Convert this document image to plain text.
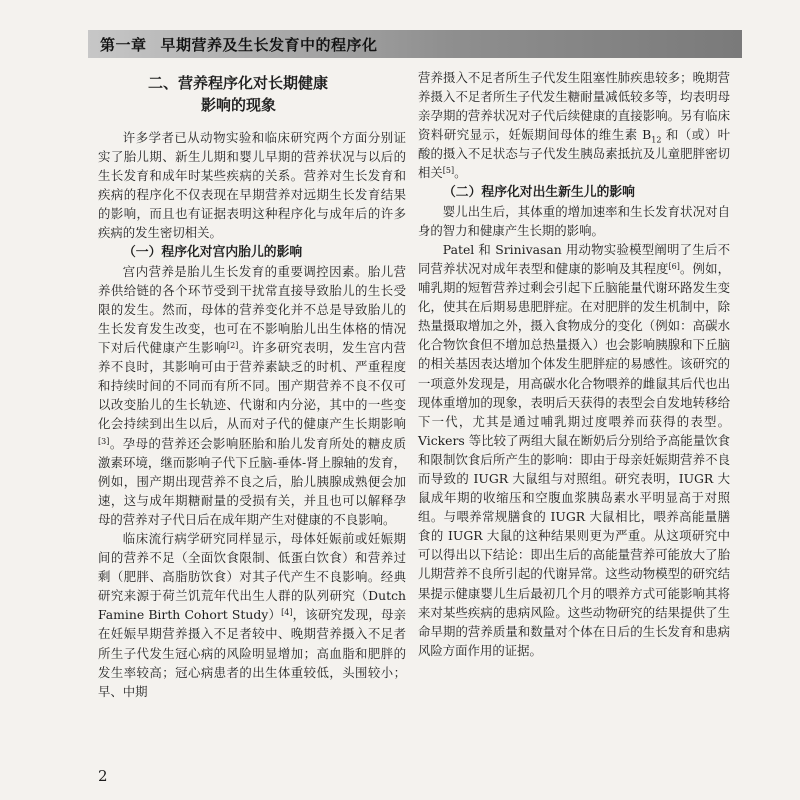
第一章 早期营养及生长发育中的程序化
二、营养程序化对长期健康
影响的现象

许多学者已从动物实验和临床研究两个方面分别证实了胎儿期、新生儿期和婴儿早期的营养状况与以后的生长发育和成年时某些疾病的关系。营养对生长发育和疾病的程序化不仅表现在早期营养对远期生长发育结果的影响，而且也有证据表明这种程序化与成年后的许多疾病的发生密切相关。

（一）程序化对宫内胎儿的影响

宫内营养是胎儿生长发育的重要调控因素。胎儿营养供给链的各个环节受到干扰常直接导致胎儿的生长受限的发生。然而，母体的营养变化并不总是导致胎儿的生长发育发生改变，也可在不影响胎儿出生体格的情况下对后代健康产生影响[2]。许多研究表明，发生宫内营养不良时，其影响可由于营养素缺乏的时机、严重程度和持续时间的不同而有所不同。围产期营养不良不仅可以改变胎儿的生长轨迹、代谢和内分泌，其中的一些变化会持续到出生以后，从而对子代的健康产生长期影响[3]。孕母的营养还会影响胚胎和胎儿发育所处的糖皮质激素环境，继而影响子代下丘脑-垂体-肾上腺轴的发育，例如，围产期出现营养不良之后，胎儿胰腺成熟便会加速，这与成年期糖耐量的受损有关，并且也可以解释孕母的营养对子代日后在成年期产生对健康的不良影响。

临床流行病学研究同样显示，母体妊娠前或妊娠期间的营养不足（全面饮食限制、低蛋白饮食）和营养过剩（肥胖、高脂肪饮食）对其子代产生不良影响。经典研究来源于荷兰饥荒年代出生人群的队列研究（Dutch Famine Birth Cohort Study）[4]，该研究发现，母亲在妊娠早期营养摄入不足者较中、晚期营养摄入不足者所生子代发生冠心病的风险明显增加；高血脂和肥胖的发生率较高；冠心病患者的出生体重较低，头围较小；早、中期

营养摄入不足者所生子代发生阻塞性肺疾患较多；晚期营养摄入不足者所生子代发生糖耐量减低较多等，均表明母亲孕期的营养状况对子代后续健康的直接影响。另有临床资料研究显示，妊娠期间母体的维生素 $B_{12}$ 和（或）叶酸的摄入不足状态与子代发生胰岛素抵抗及儿童肥胖密切相关[5]。

（二）程序化对出生新生儿的影响

婴儿出生后，其体重的增加速率和生长发育状况对自身的智力和健康产生长期的影响。

Patel 和 Srinivasan 用动物实验模型阐明了生后不同营养状况对成年表型和健康的影响及其程度[6]。例如，哺乳期的短暂营养过剩会引起下丘脑能量代谢环路发生变化，使其在后期易患肥胖症。在对肥胖的发生机制中，除热量摄取增加之外，摄入食物成分的变化（例如：高碳水化合物饮食但不增加总热量摄入）也会影响胰腺和下丘脑的相关基因表达增加个体发生肥胖症的易感性。该研究的一项意外发现是，用高碳水化合物喂养的雌鼠其后代也出现体重增加的现象，表明后天获得的表型会自发地转移给下一代，尤其是通过哺乳期过度喂养而获得的表型。Vickers 等比较了两组大鼠在断奶后分别给予高能量饮食和限制饮食后所产生的影响：即由于母亲妊娠期营养不良而导致的 IUGR 大鼠组与对照组。研究表明，IUGR 大鼠成年期的收缩压和空腹血浆胰岛素水平明显高于对照组。与喂养常规膳食的 IUGR 大鼠相比，喂养高能量膳食的 IUGR 大鼠的这种结果则更为严重。从这项研究中可以得出以下结论：即出生后的高能量营养可能放大了胎儿期营养不良所引起的代谢异常。这些动物模型的研究结果提示健康婴儿生后最初几个月的喂养方式可能影响其将来对某些疾病的患病风险。这些动物研究的结果提供了生命早期的营养质量和数量对个体在日后的生长发育和患病风险方面作用的证据。

2
